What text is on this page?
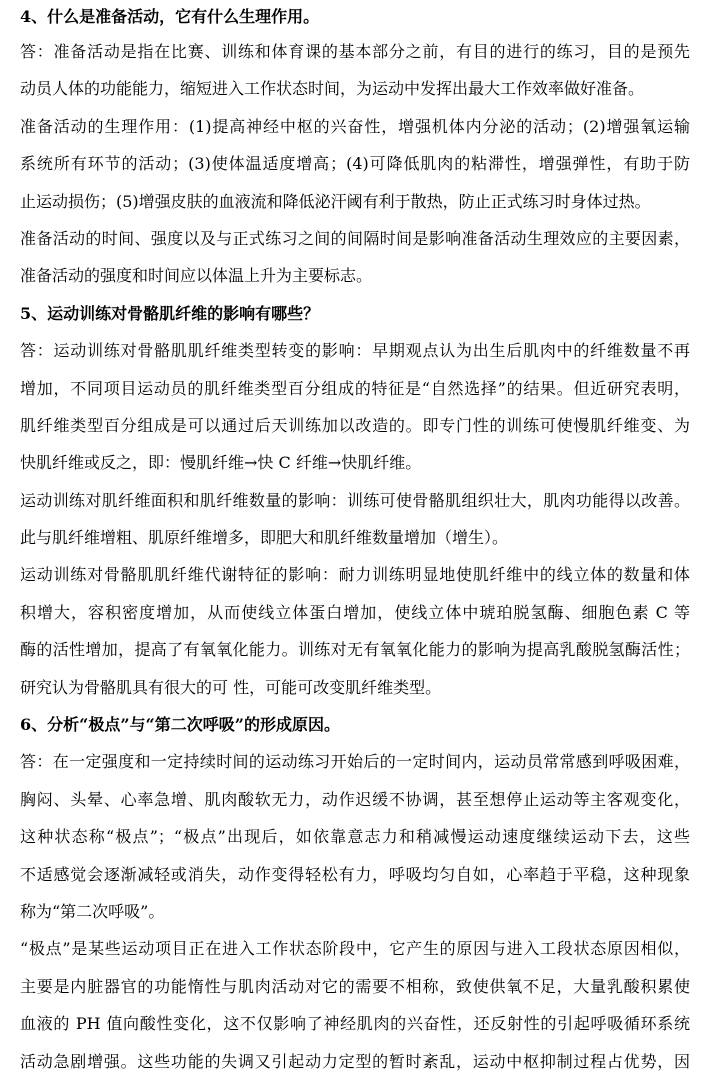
4、什么是准备活动，它有什么生理作用。
答：准备活动是指在比赛、训练和体育课的基本部分之前，有目的进行的练习，目的是预先
动员人体的功能能力，缩短进入工作状态时间，为运动中发挥出最大工作效率做好准备。
准备活动的生理作用：(1)提高神经中枢的兴奋性，增强机体内分泌的活动；(2)增强氧运输
系统所有环节的活动；(3)使体温适度增高；(4)可降低肌肉的粘滞性，增强弹性，有助于防
止运动损伤；(5)增强皮肤的血液流和降低泌汗阈有利于散热，防止正式练习时身体过热。
准备活动的时间、强度以及与正式练习之间的间隔时间是影响准备活动生理效应的主要因素，
准备活动的强度和时间应以体温上升为主要标志。
5、运动训练对骨骼肌纤维的影响有哪些？
答：运动训练对骨骼肌肌纤维类型转变的影响：早期观点认为出生后肌肉中的纤维数量不再
增加，不同项目运动员的肌纤维类型百分组成的特征是“自然选择”的结果。但近研究表明，
肌纤维类型百分组成是可以通过后天训练加以改造的。即专门性的训练可使慢肌纤维变、为
快肌纤维或反之，即：慢肌纤维→快 C 纤维→快肌纤维。
运动训练对肌纤维面积和肌纤维数量的影响：训练可使骨骼肌组织壮大，肌肉功能得以改善。
此与肌纤维增粗、肌原纤维增多，即肥大和肌纤维数量增加（增生）。
运动训练对骨骼肌肌纤维代谢特征的影响：耐力训练明显地使肌纤维中的线立体的数量和体
积增大，容积密度增加，从而使线立体蛋白增加，使线立体中琥珀脱氢酶、细胞色素 C 等
酶的活性增加，提高了有氧氧化能力。训练对无有氧氧化能力的影响为提高乳酸脱氢酶活性；
研究认为骨骼肌具有很大的可 性，可能可改变肌纤维类型。
6、分析“极点”与“第二次呼吸”的形成原因。
答：在一定强度和一定持续时间的运动练习开始后的一定时间内，运动员常常感到呼吸困难，
胸闷、头晕、心率急增、肌肉酸软无力，动作迟缓不协调，甚至想停止运动等主客观变化，
这种状态称“极点”；“极点”出现后，如依靠意志力和稍减慢运动速度继续运动下去，这些
不适感觉会逐渐减轻或消失，动作变得轻松有力，呼吸均匀自如，心率趋于平稳，这种现象
称为“第二次呼吸”。
“极点”是某些运动项目正在进入工作状态阶段中，它产生的原因与进入工段状态原因相似，
主要是内脏器官的功能惰性与肌肉活动对它的需要不相称，致使供氧不足，大量乳酸积累使
血液的 PH 值向酸性变化，这不仅影响了神经肌肉的兴奋性，还反射性的引起呼吸循环系统
活动急剧增强。这些功能的失调又引起动力定型的暂时紊乱，运动中枢抑制过程占优势，因
